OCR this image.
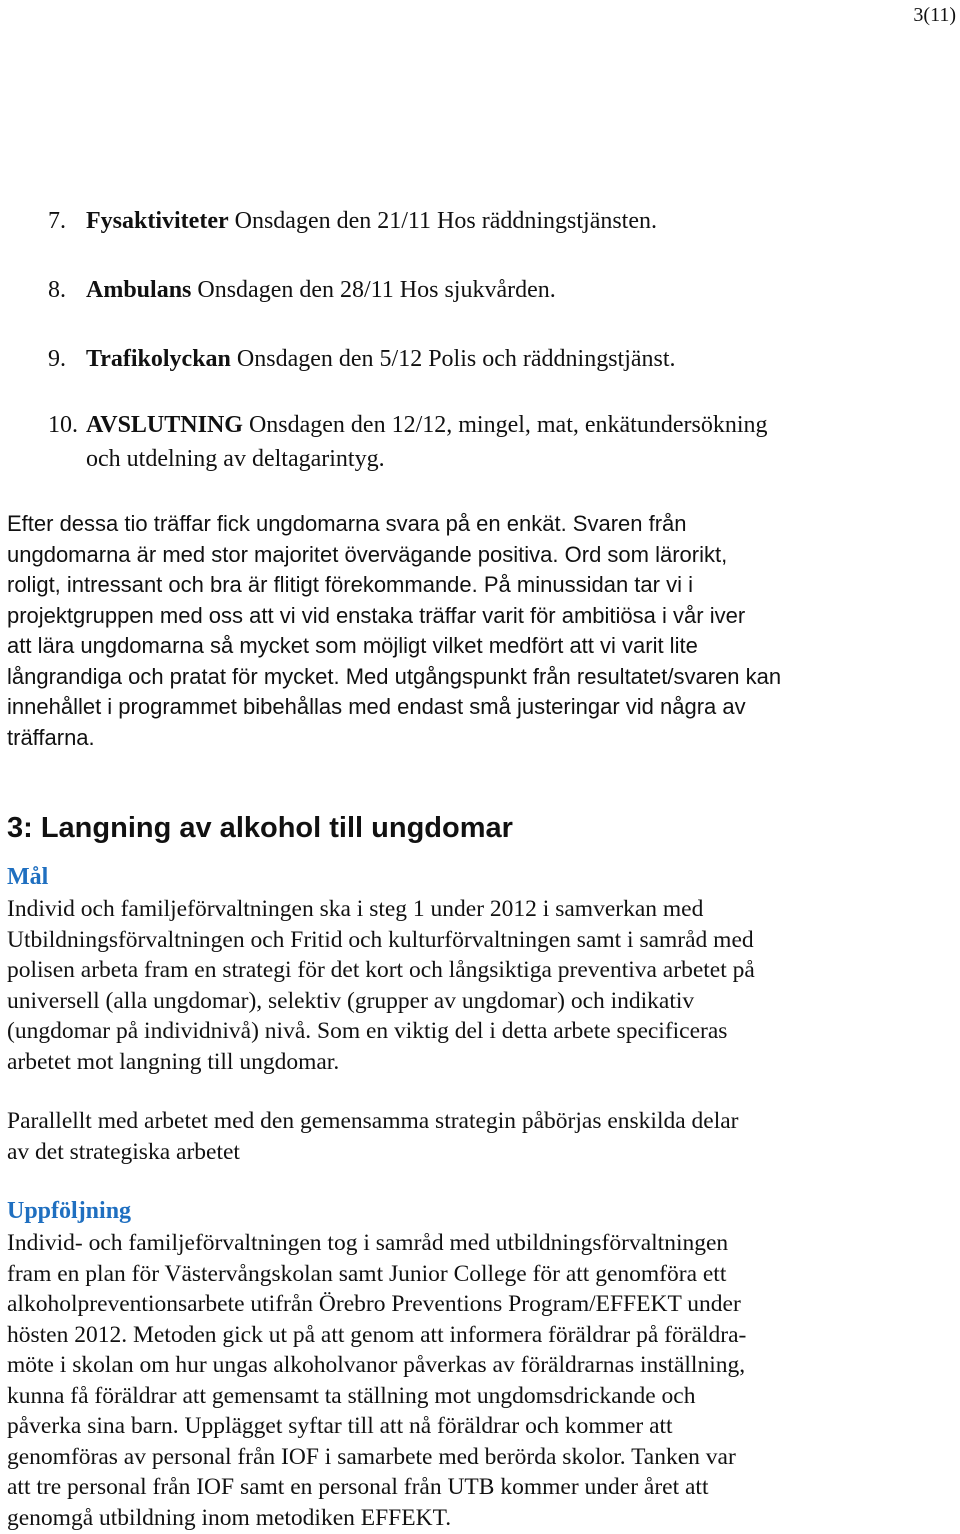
3(11)
7. Fysaktiviteter Onsdagen den 21/11 Hos räddningstjänsten.
8. Ambulans Onsdagen den 28/11 Hos sjukvården.
9. Trafikolyckan Onsdagen den 5/12 Polis och räddningstjänst.
10. AVSLUTNING Onsdagen den 12/12, mingel, mat, enkätundersökning
och utdelning av deltagarintyg.
Efter dessa tio träffar fick ungdomarna svara på en enkät. Svaren från
ungdomarna är med stor majoritet övervägande positiva. Ord som lärorikt,
roligt, intressant och bra är flitigt förekommande. På minussidan tar vi i
projektgruppen med oss att vi vid enstaka träffar varit för ambitiösa i vår iver
att lära ungdomarna så mycket som möjligt vilket medfört att vi varit lite
långrandiga och pratat för mycket. Med utgångspunkt från resultatet/svaren kan
innehållet i programmet bibehållas med endast små justeringar vid några av
träffarna.
3: Langning av alkohol till ungdomar
Mål
Individ och familjeförvaltningen ska i steg 1 under 2012 i samverkan med
Utbildningsförvaltningen och Fritid och kulturförvaltningen samt i samråd med
polisen arbeta fram en strategi för det kort och långsiktiga preventiva arbetet på
universell (alla ungdomar), selektiv (grupper av ungdomar) och indikativ
(ungdomar på individnivå) nivå. Som en viktig del i detta arbete specificeras
arbetet mot langning till ungdomar.
Parallellt med arbetet med den gemensamma strategin påbörjas enskilda delar
av det strategiska arbetet
Uppföljning
Individ- och familjeförvaltningen tog i samråd med utbildningsförvaltningen
fram en plan för Västervångskolan samt Junior College för att genomföra ett
alkoholpreventionsarbete utifrån Örebro Preventions Program/EFFEKT under
hösten 2012. Metoden gick ut på att genom att informera föräldrar på föräldra-
möte i skolan om hur ungas alkoholvanor påverkas av föräldrarnas inställning,
kunna få föräldrar att gemensamt ta ställning mot ungdomsdrickande och
påverka sina barn. Upplägget syftar till att nå föräldrar och kommer att
genomföras av personal från IOF i samarbete med berörda skolor. Tanken var
att tre personal från IOF samt en personal från UTB kommer under året att
genomgå utbildning inom metodiken EFFEKT.
